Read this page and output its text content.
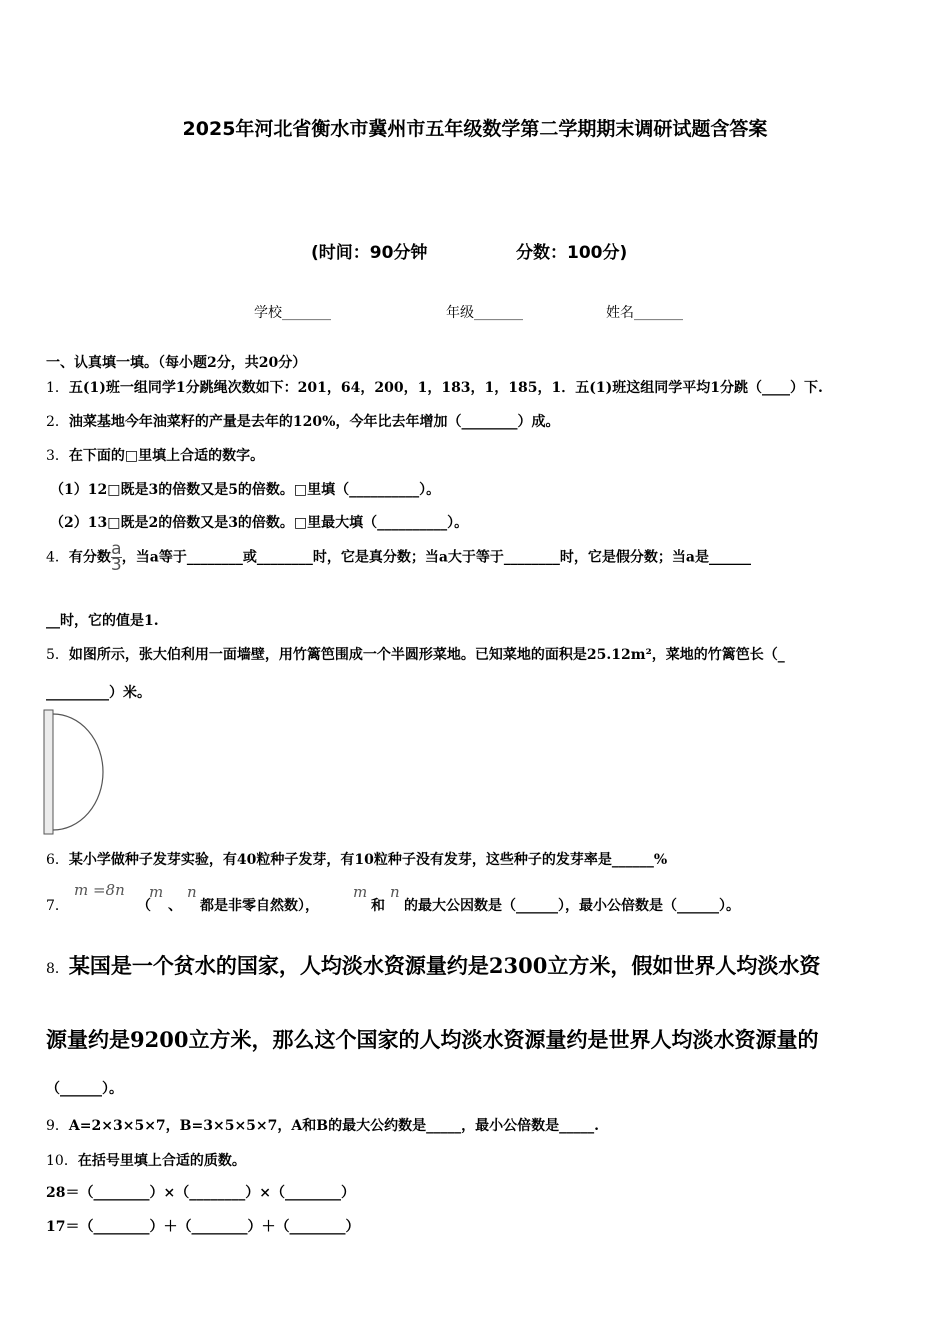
2025年河北省衡水市冀州市五年级数学第二学期期末调研试题含答案
(时间：90分钟	分数：100分)
学校_______	年级_______	姓名_______
一、认真填一填。（每小题2分，共20分）
1．五(1)班一组同学1分跳绳次数如下：201，64，200，1，183，1，185，1．五(1)班这组同学平均1分跳（____）下.
2．油菜基地今年油菜籽的产量是去年的120%，今年比去年增加（________）成。
3．在下面的□里填上合适的数字。
（1）12□既是3的倍数又是5的倍数。□里填（__________）。
（2）13□既是2的倍数又是3的倍数。□里最大填（__________）。
4．有分数 $\frac{a}{3}$ ，当a等于________或________时，它是真分数；当a大于等于________时，它是假分数；当a是______
__时，它的值是1.
5．如图所示，张大伯利用一面墙壁，用竹篱笆围成一个半圆形菜地。已知菜地的面积是25.12m²，菜地的竹篱笆长（_
_________）米。
6．某小学做种子发芽实验，有40粒种子发芽，有10粒种子没有发芽，这些种子的发芽率是______%
7．
m =8n
（
m
、
n
都是非零自然数），
m
和
n
的最大公因数是（______），最小公倍数是（______）。
8．某国是一个贫水的国家，人均淡水资源量约是2300立方米，假如世界人均淡水资
源量约是9200立方米，那么这个国家的人均淡水资源量约是世界人均淡水资源量的
（______）。
9．A=2×3×5×7，B=3×5×5×7，A和B的最大公约数是_____，最小公倍数是_____.
10．在括号里填上合适的质数。
28＝（________）×（________）×（________）
17＝（________）＋（________）＋（________）
